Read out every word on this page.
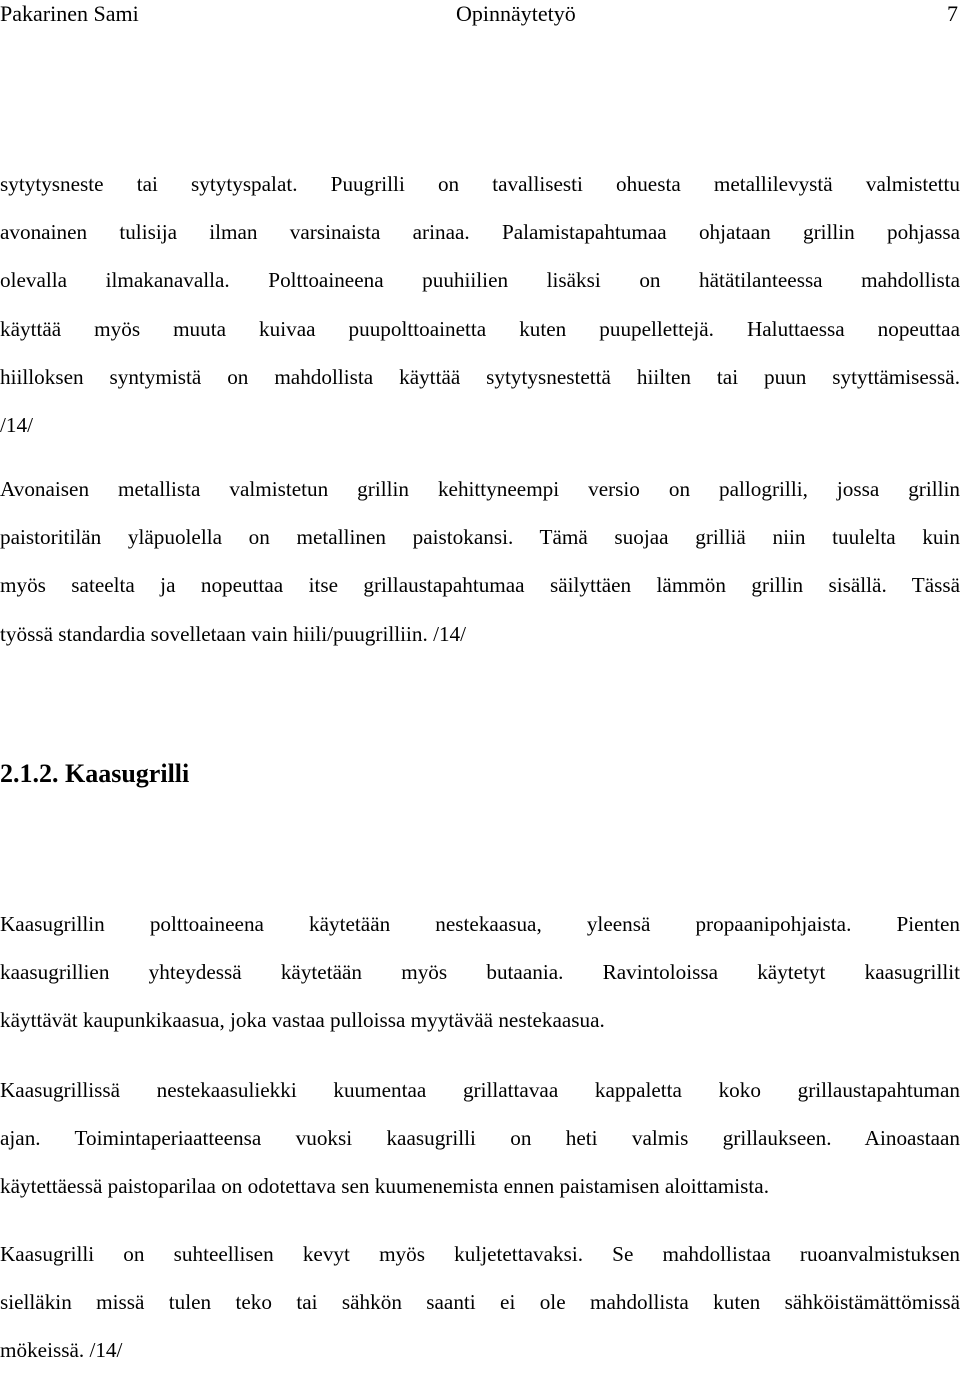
Pakarinen Sami	Opinnäytetyö	7

sytytysneste tai sytytyspalat. Puugrilli on tavallisesti ohuesta metallilevystä valmistettu
avonainen tulisija ilman varsinaista arinaa. Palamistapahtumaa ohjataan grillin pohjassa
olevalla ilmakanavalla. Polttoaineena puuhiilien lisäksi on hätätilanteessa mahdollista
käyttää myös muuta kuivaa puupolttoainetta kuten puupellettejä. Haluttaessa nopeuttaa
hiilloksen syntymistä on mahdollista käyttää sytytysnestettä hiilten tai puun sytyttämisessä.
/14/

Avonaisen metallista valmistetun grillin kehittyneempi versio on pallogrilli, jossa grillin
paistoritilän yläpuolella on metallinen paistokansi. Tämä suojaa grilliä niin tuulelta kuin
myös sateelta ja nopeuttaa itse grillaustapahtumaa säilyttäen lämmön grillin sisällä. Tässä
työssä standardia sovelletaan vain hiili/puugrilliin. /14/

2.1.2. Kaasugrilli

Kaasugrillin polttoaineena käytetään nestekaasua, yleensä propaanipohjaista. Pienten
kaasugrillien yhteydessä käytetään myös butaania. Ravintoloissa käytetyt kaasugrillit
käyttävät kaupunkikaasua, joka vastaa pulloissa myytävää nestekaasua.

Kaasugrillissä nestekaasuliekki kuumentaa grillattavaa kappaletta koko grillaustapahtuman
ajan. Toimintaperiaatteensa vuoksi kaasugrilli on heti valmis grillaukseen. Ainoastaan
käytettäessä paistoparilaa on odotettava sen kuumenemista ennen paistamisen aloittamista.

Kaasugrilli on suhteellisen kevyt myös kuljetettavaksi. Se mahdollistaa ruoanvalmistuksen
sielläkin missä tulen teko tai sähkön saanti ei ole mahdollista kuten sähköistämättömissä
mökeissä. /14/
